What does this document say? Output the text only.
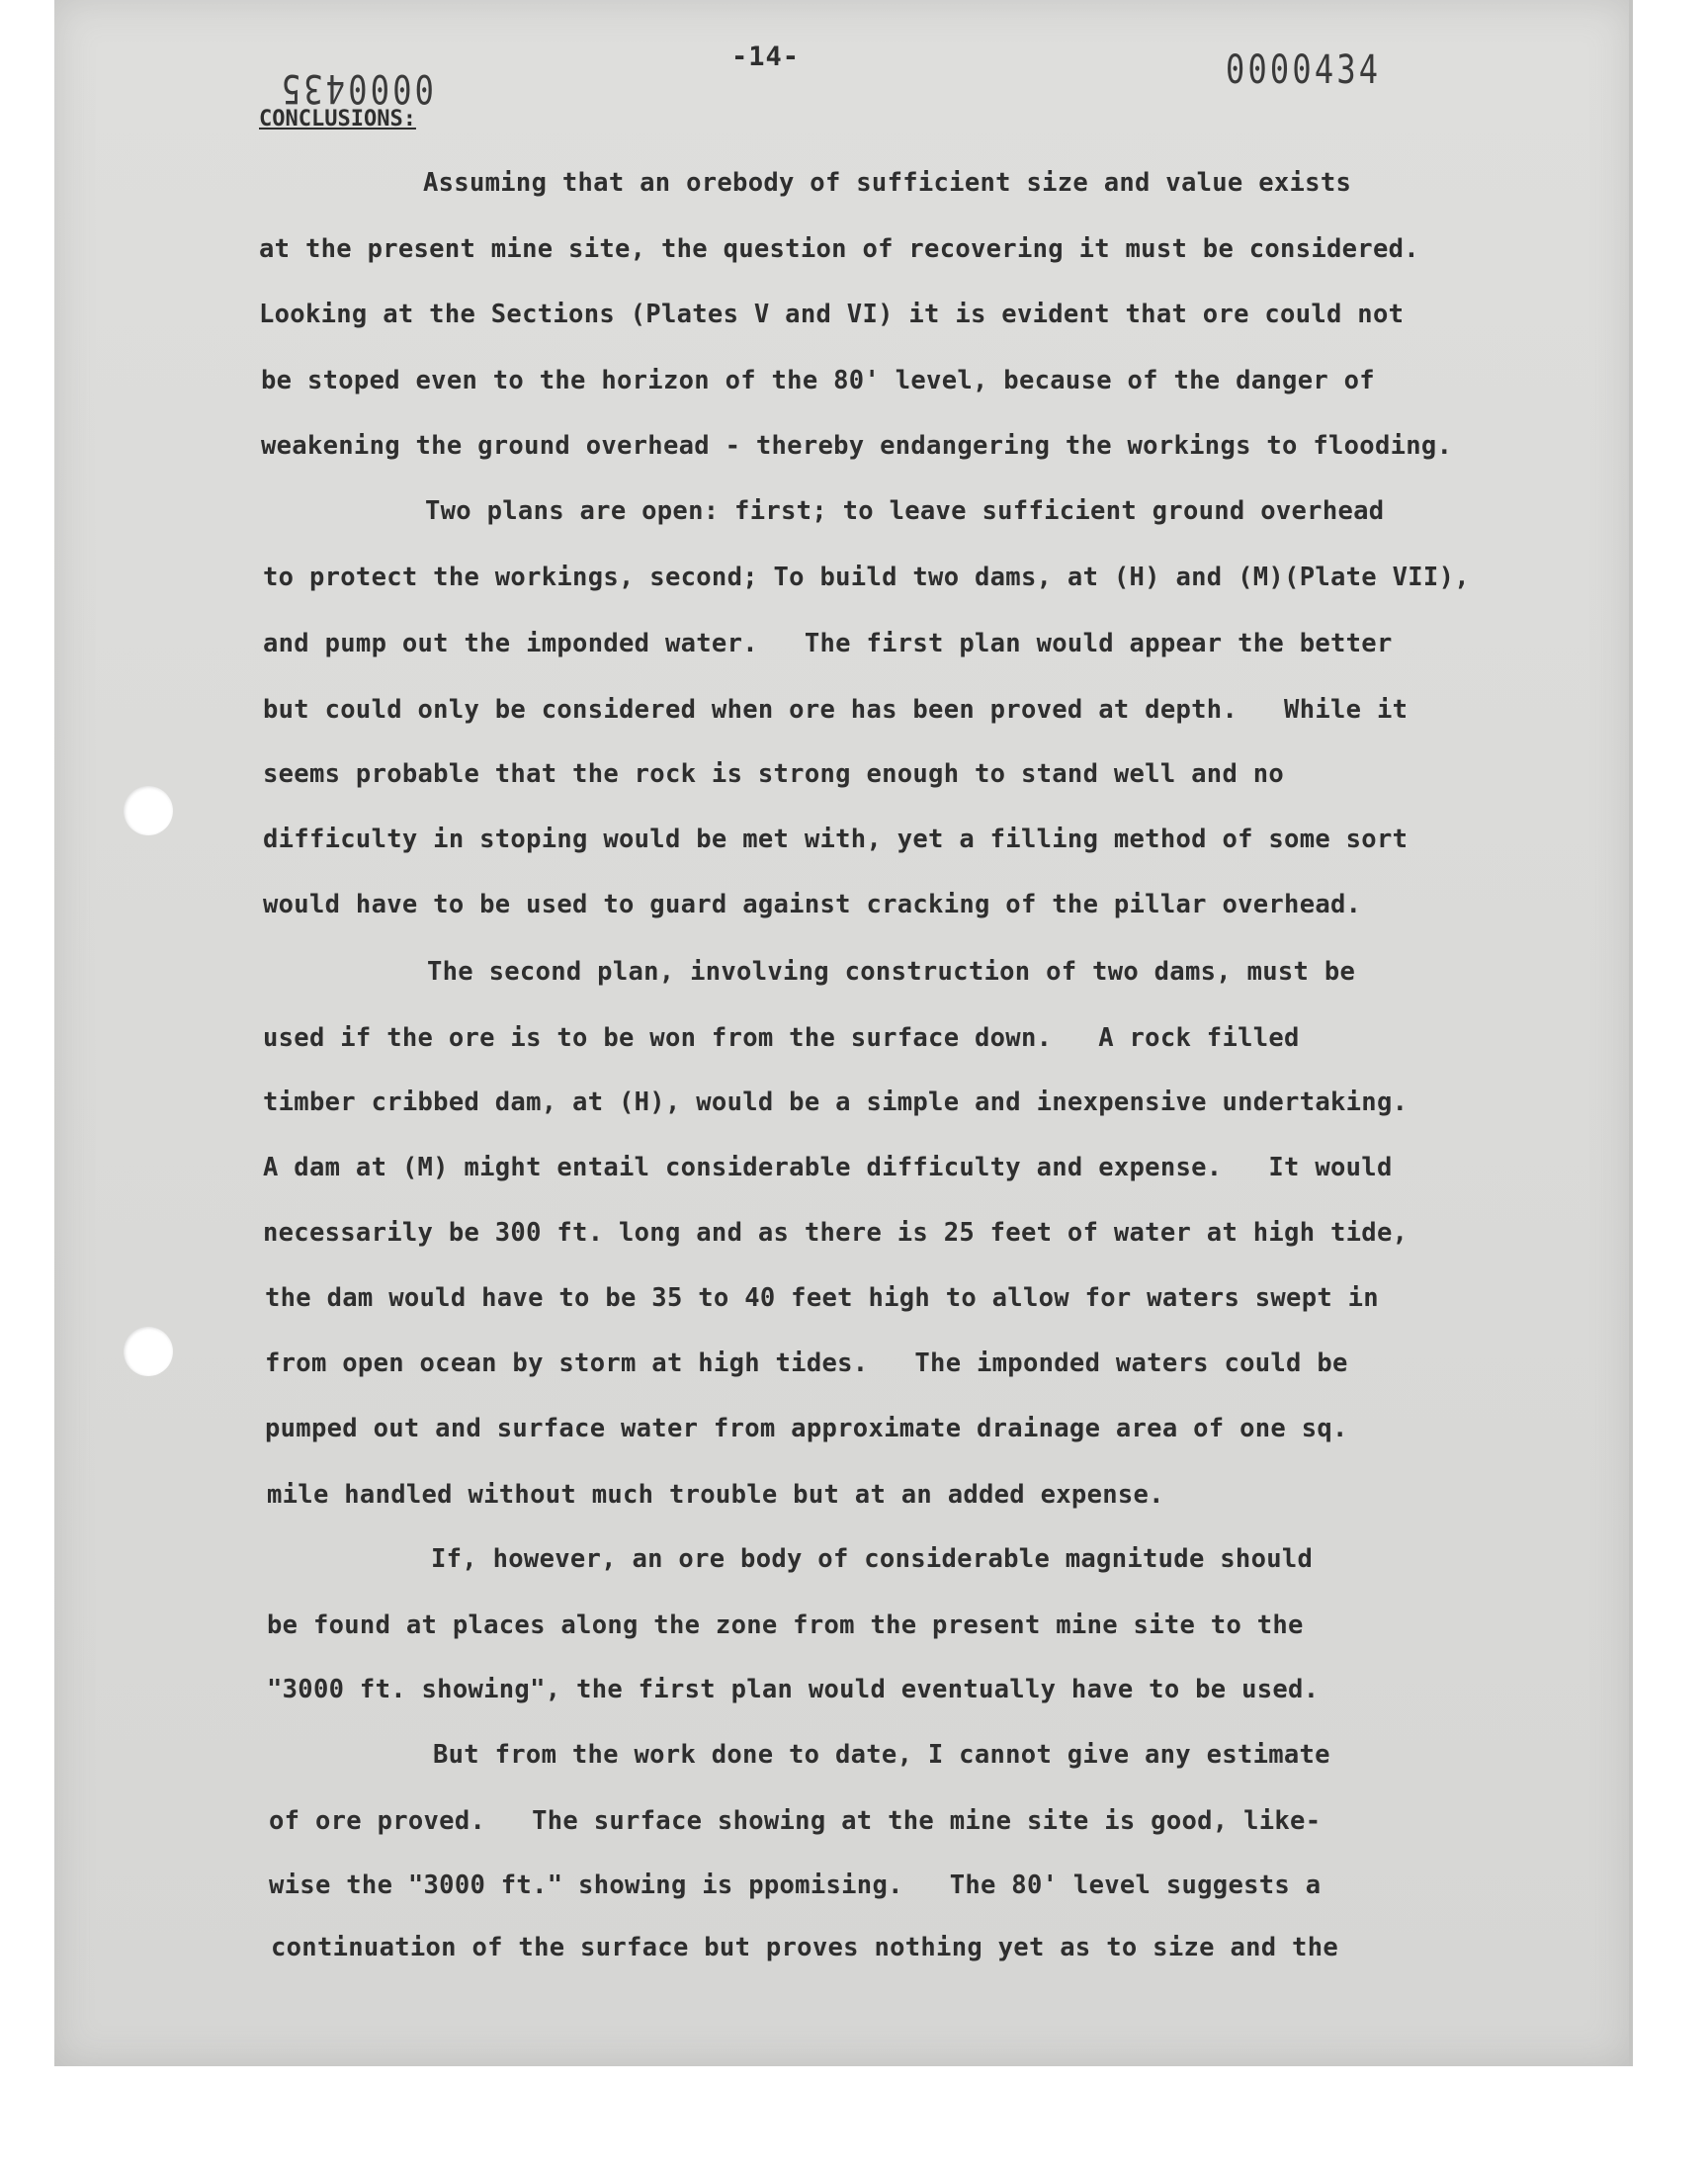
-14-
0000435	0000434
CONCLUSIONS:
Assuming that an orebody of sufficient size and value exists
at the present mine site, the question of recovering it must be considered.
Looking at the Sections (Plates V and VI) it is evident that ore could not
be stoped even to the horizon of the 80' level, because of the danger of
weakening the ground overhead - thereby endangering the workings to flooding.
Two plans are open: first; to leave sufficient ground overhead
to protect the workings, second; To build two dams, at (H) and (M)(Plate VII),
and pump out the imponded water.   The first plan would appear the better
but could only be considered when ore has been proved at depth.   While it
seems probable that the rock is strong enough to stand well and no
difficulty in stoping would be met with, yet a filling method of some sort
would have to be used to guard against cracking of the pillar overhead.
The second plan, involving construction of two dams, must be
used if the ore is to be won from the surface down.   A rock filled
timber cribbed dam, at (H), would be a simple and inexpensive undertaking.
A dam at (M) might entail considerable difficulty and expense.   It would
necessarily be 300 ft. long and as there is 25 feet of water at high tide,
the dam would have to be 35 to 40 feet high to allow for waters swept in
from open ocean by storm at high tides.   The imponded waters could be
pumped out and surface water from approximate drainage area of one sq.
mile handled without much trouble but at an added expense.
If, however, an ore body of considerable magnitude should
be found at places along the zone from the present mine site to the
"3000 ft. showing", the first plan would eventually have to be used.
But from the work done to date, I cannot give any estimate
of ore proved.   The surface showing at the mine site is good, like-
wise the "3000 ft." showing is ppomising.   The 80' level suggests a
continuation of the surface but proves nothing yet as to size and the
